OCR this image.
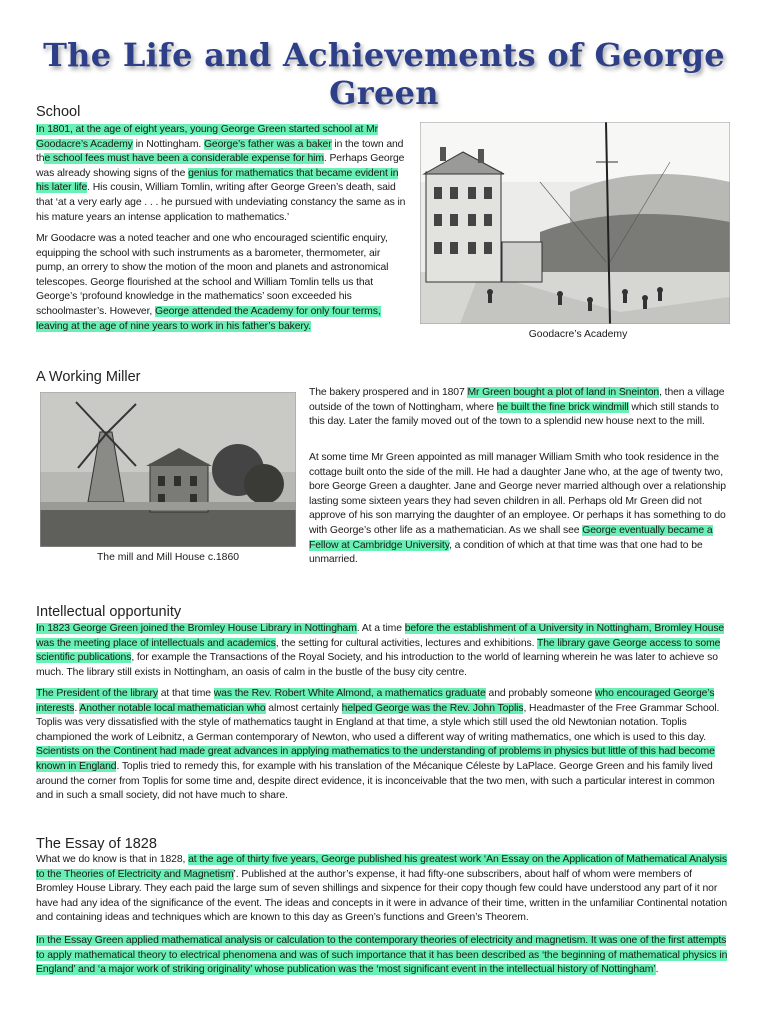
The Life and Achievements of George Green
School

In 1801, at the age of eight years, young George Green started school at Mr Goodacre’s Academy in Nottingham. George’s father was a baker in the town and the school fees must have been a considerable expense for him. Perhaps George was already showing signs of the genius for mathematics that became evident in his later life. His cousin, William Tomlin, writing after George Green’s death, said that ‘at a very early age . . . he pursued with undeviating constancy the same as in his mature years an intense application to mathematics.’

Mr Goodacre was a noted teacher and one who encouraged scientific enquiry, equipping the school with such instruments as a barometer, thermometer, air pump, an orrery to show the motion of the moon and planets and astronomical telescopes. George flourished at the school and William Tomlin tells us that George’s ‘profound knowledge in the mathematics’ soon exceeded his schoolmaster’s. However, George attended the Academy for only four terms, leaving at the age of nine years to work in his father’s bakery.

Goodacre’s Academy
A Working Miller
The mill and Mill House c.1860

The bakery prospered and in 1807 Mr Green bought a plot of land in Sneinton, then a village outside of the town of Nottingham, where he built the fine brick windmill which still stands to this day. Later the family moved out of the town to a splendid new house next to the mill.

At some time Mr Green appointed as mill manager William Smith who took residence in the cottage built onto the side of the mill. He had a daughter Jane who, at the age of twenty two, bore George Green a daughter. Jane and George never married although over a relationship lasting some sixteen years they had seven children in all. Perhaps old Mr Green did not approve of his son marrying the daughter of an employee. Or perhaps it has something to do with George’s other life as a mathematician. As we shall see George eventually became a Fellow at Cambridge University, a condition of which at that time was that one had to be unmarried.

Intellectual opportunity

In 1823 George Green joined the Bromley House Library in Nottingham. At a time before the establishment of a University in Nottingham, Bromley House was the meeting place of intellectuals and academics, the setting for cultural activities, lectures and exhibitions. The library gave George access to some scientific publications, for example the Transactions of the Royal Society, and his introduction to the world of learning wherein he was later to achieve so much. The library still exists in Nottingham, an oasis of calm in the bustle of the busy city centre.

The President of the library at that time was the Rev. Robert White Almond, a mathematics graduate and probably someone who encouraged George’s interests. Another notable local mathematician who almost certainly helped George was the Rev. John Toplis, Headmaster of the Free Grammar School. Toplis was very dissatisfied with the style of mathematics taught in England at that time, a style which still used the old Newtonian notation. Toplis championed the work of Leibnitz, a German contemporary of Newton, who used a different way of writing mathematics, one which is used to this day. Scientists on the Continent had made great advances in applying mathematics to the understanding of problems in physics but little of this had become known in England. Toplis tried to remedy this, for example with his translation of the Mécanique Céleste by LaPlace. George Green and his family lived around the corner from Toplis for some time and, despite direct evidence, it is inconceivable that the two men, with such a particular interest in common and in such a small society, did not have much to share.

The Essay of 1828

What we do know is that in 1828, at the age of thirty five years, George published his greatest work ‘An Essay on the Application of Mathematical Analysis to the Theories of Electricity and Magnetism’. Published at the author’s expense, it had fifty-one subscribers, about half of whom were members of Bromley House Library. They each paid the large sum of seven shillings and sixpence for their copy though few could have understood any part of it nor have had any idea of the significance of the event. The ideas and concepts in it were in advance of their time, written in the unfamiliar Continental notation and containing ideas and techniques which are known to this day as Green’s functions and Green’s Theorem.

In the Essay Green applied mathematical analysis or calculation to the contemporary theories of electricity and magnetism. It was one of the first attempts to apply mathematical theory to electrical phenomena and was of such importance that it has been described as ‘the beginning of mathematical physics in England’ and ‘a major work of striking originality’ whose publication was the ‘most significant event in the intellectual history of Nottingham’.
